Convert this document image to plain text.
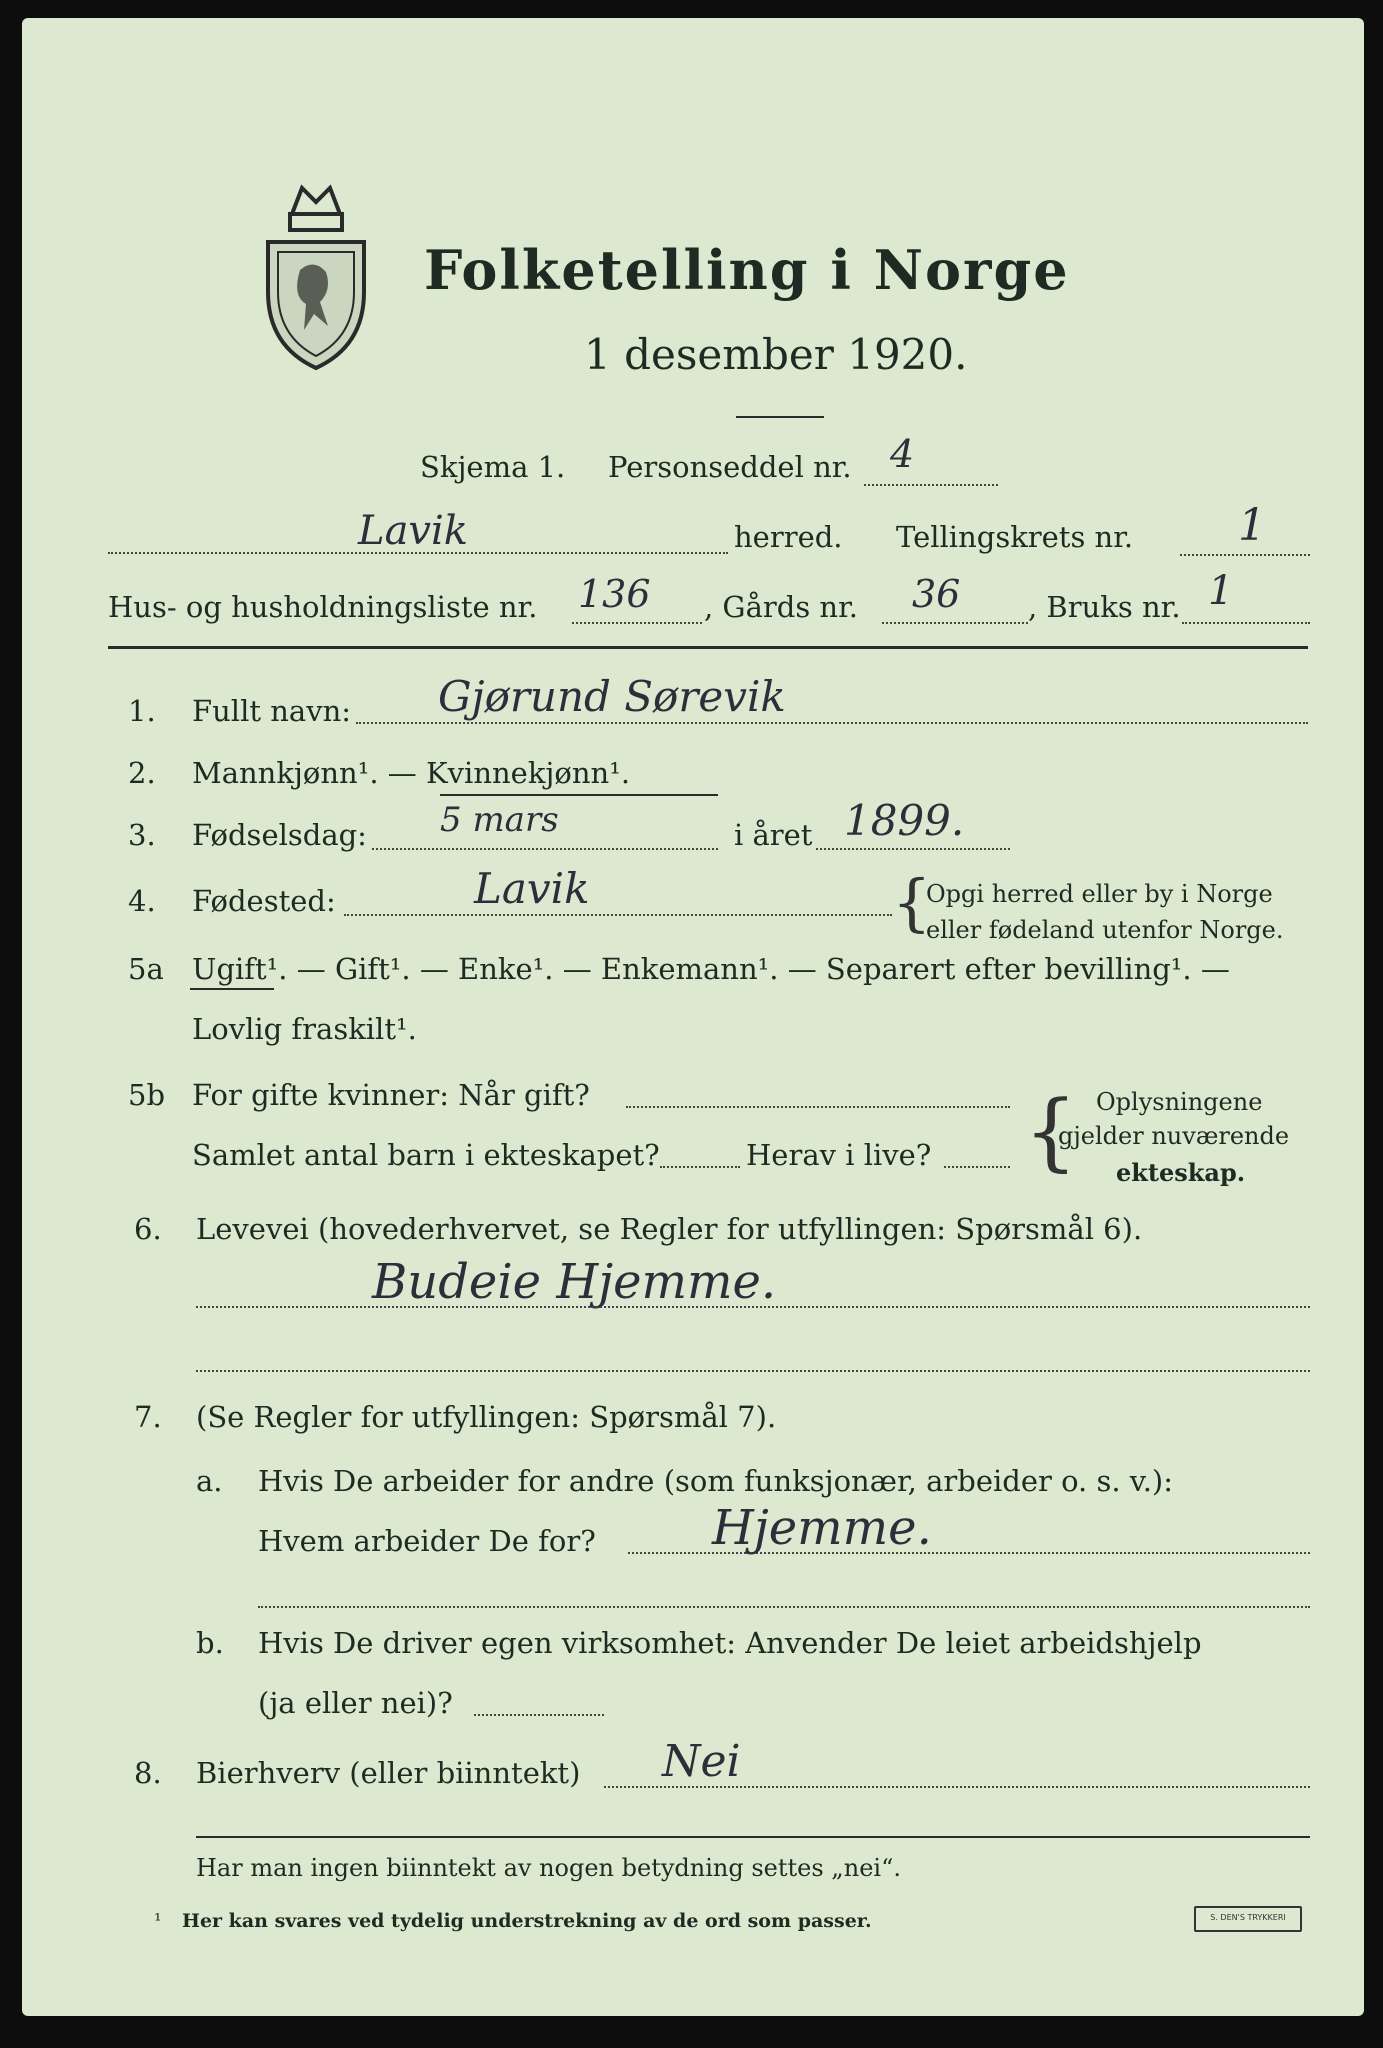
Folketelling i Norge
1 desember 1920.
Skjema 1. Personseddel nr. 4
Lavik	herred. Tellingskrets nr. 1
Hus- og husholdningsliste nr. 136 , Gårds nr. 36 , Bruks nr. 1
1. Fullt navn: Gjørund Sørevik
2. Mannkjønn¹. — Kvinnekjønn¹.
3. Fødselsdag: 5 mars	i året 1899.
4. Fødested:	Lavik	{
Opgi herred eller by i Norge
eller fødeland utenfor Norge.
5a Ugift¹. — Gift¹. — Enke¹. — Enkemann¹. — Separert efter bevilling¹. —
Lovlig fraskilt¹.
5b For gifte kvinner: Når gift?
Samlet antal barn i ekteskapet?	Herav i live? { Oplysningene
gjelder nuværende
ekteskap.
6. Levevei (hovederhvervet, se Regler for utfyllingen: Spørsmål 6).
Budeie Hjemme.
7. (Se Regler for utfyllingen: Spørsmål 7).
a. Hvis De arbeider for andre (som funksjonær, arbeider o. s. v.):
Hvem arbeider De for? Hjemme.
b. Hvis De driver egen virksomhet: Anvender De leiet arbeidshjelp
(ja eller nei)?
8. Bierhverv (eller biinntekt) Nei
Har man ingen biinntekt av nogen betydning settes „nei“.
¹ Her kan svares ved tydelig understrekning av de ord som passer.	S. DEN'S TRYKKERI
